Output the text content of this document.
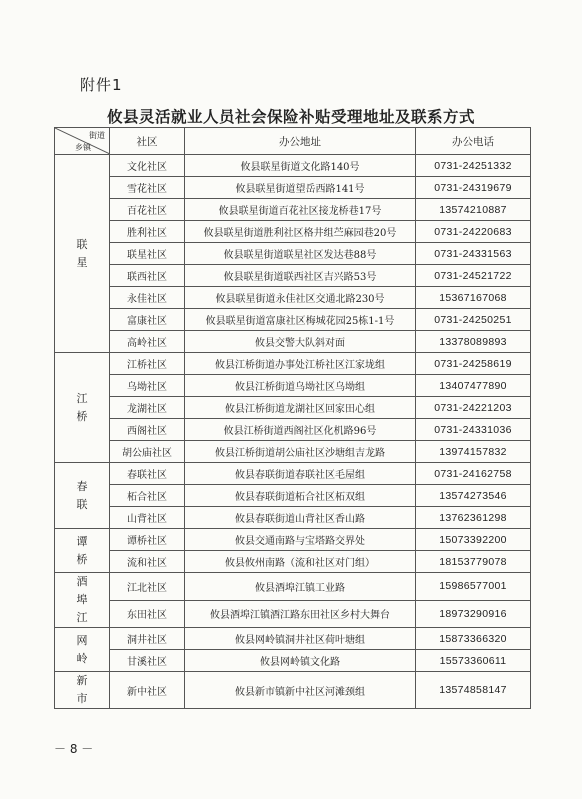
附件1
攸县灵活就业人员社会保险补贴受理地址及联系方式
街道
乡镇	社区	办公地址	办公电话

联
星	文化社区	攸县联星街道文化路140号	0731-24251332
	雪花社区	攸县联星街道望岳西路141号	0731-24319679
	百花社区	攸县联星街道百花社区接龙桥巷17号	13574210887
	胜利社区	攸县联星街道胜利社区格井组苎麻园巷20号	0731-24220683
	联星社区	攸县联星街道联星社区发达巷88号	0731-24331563
	联西社区	攸县联星街道联西社区吉兴路53号	0731-24521722
	永佳社区	攸县联星街道永佳社区交通北路230号	15367167068
	富康社区	攸县联星街道富康社区梅城花园25栋1-1号	0731-24250251
	高岭社区	攸县交警大队斜对面	13378089893

江
桥	江桥社区	攸县江桥街道办事处江桥社区江家垅组	0731-24258619
	乌坳社区	攸县江桥街道乌坳社区乌坳组	13407477890
	龙湖社区	攸县江桥街道龙湖社区回家田心组	0731-24221203
	西阁社区	攸县江桥街道西阁社区化机路96号	0731-24331036
	胡公庙社区	攸县江桥街道胡公庙社区沙塘组吉龙路	13974157832

春
联	春联社区	攸县春联街道春联社区毛屋组	0731-24162758
	柘合社区	攸县春联街道柘合社区柘双组	13574273546
	山背社区	攸县春联街道山背社区香山路	13762361298

谭
桥	谭桥社区	攸县交通南路与宝塔路交界处	15073392200
	流和社区	攸县攸州南路（流和社区对门组）	18153779078

酒
埠
江	江北社区	攸县酒埠江镇工业路	15986577001
	东田社区	攸县酒埠江镇酒江路东田社区乡村大舞台	18973290916

网
岭	洞井社区	攸县网岭镇洞井社区荷叶塘组	15873366320
	甘溪社区	攸县网岭镇文化路	15573360611

新
市	新中社区	攸县新市镇新中社区河滩颈组	13574858147
－ 8 －
